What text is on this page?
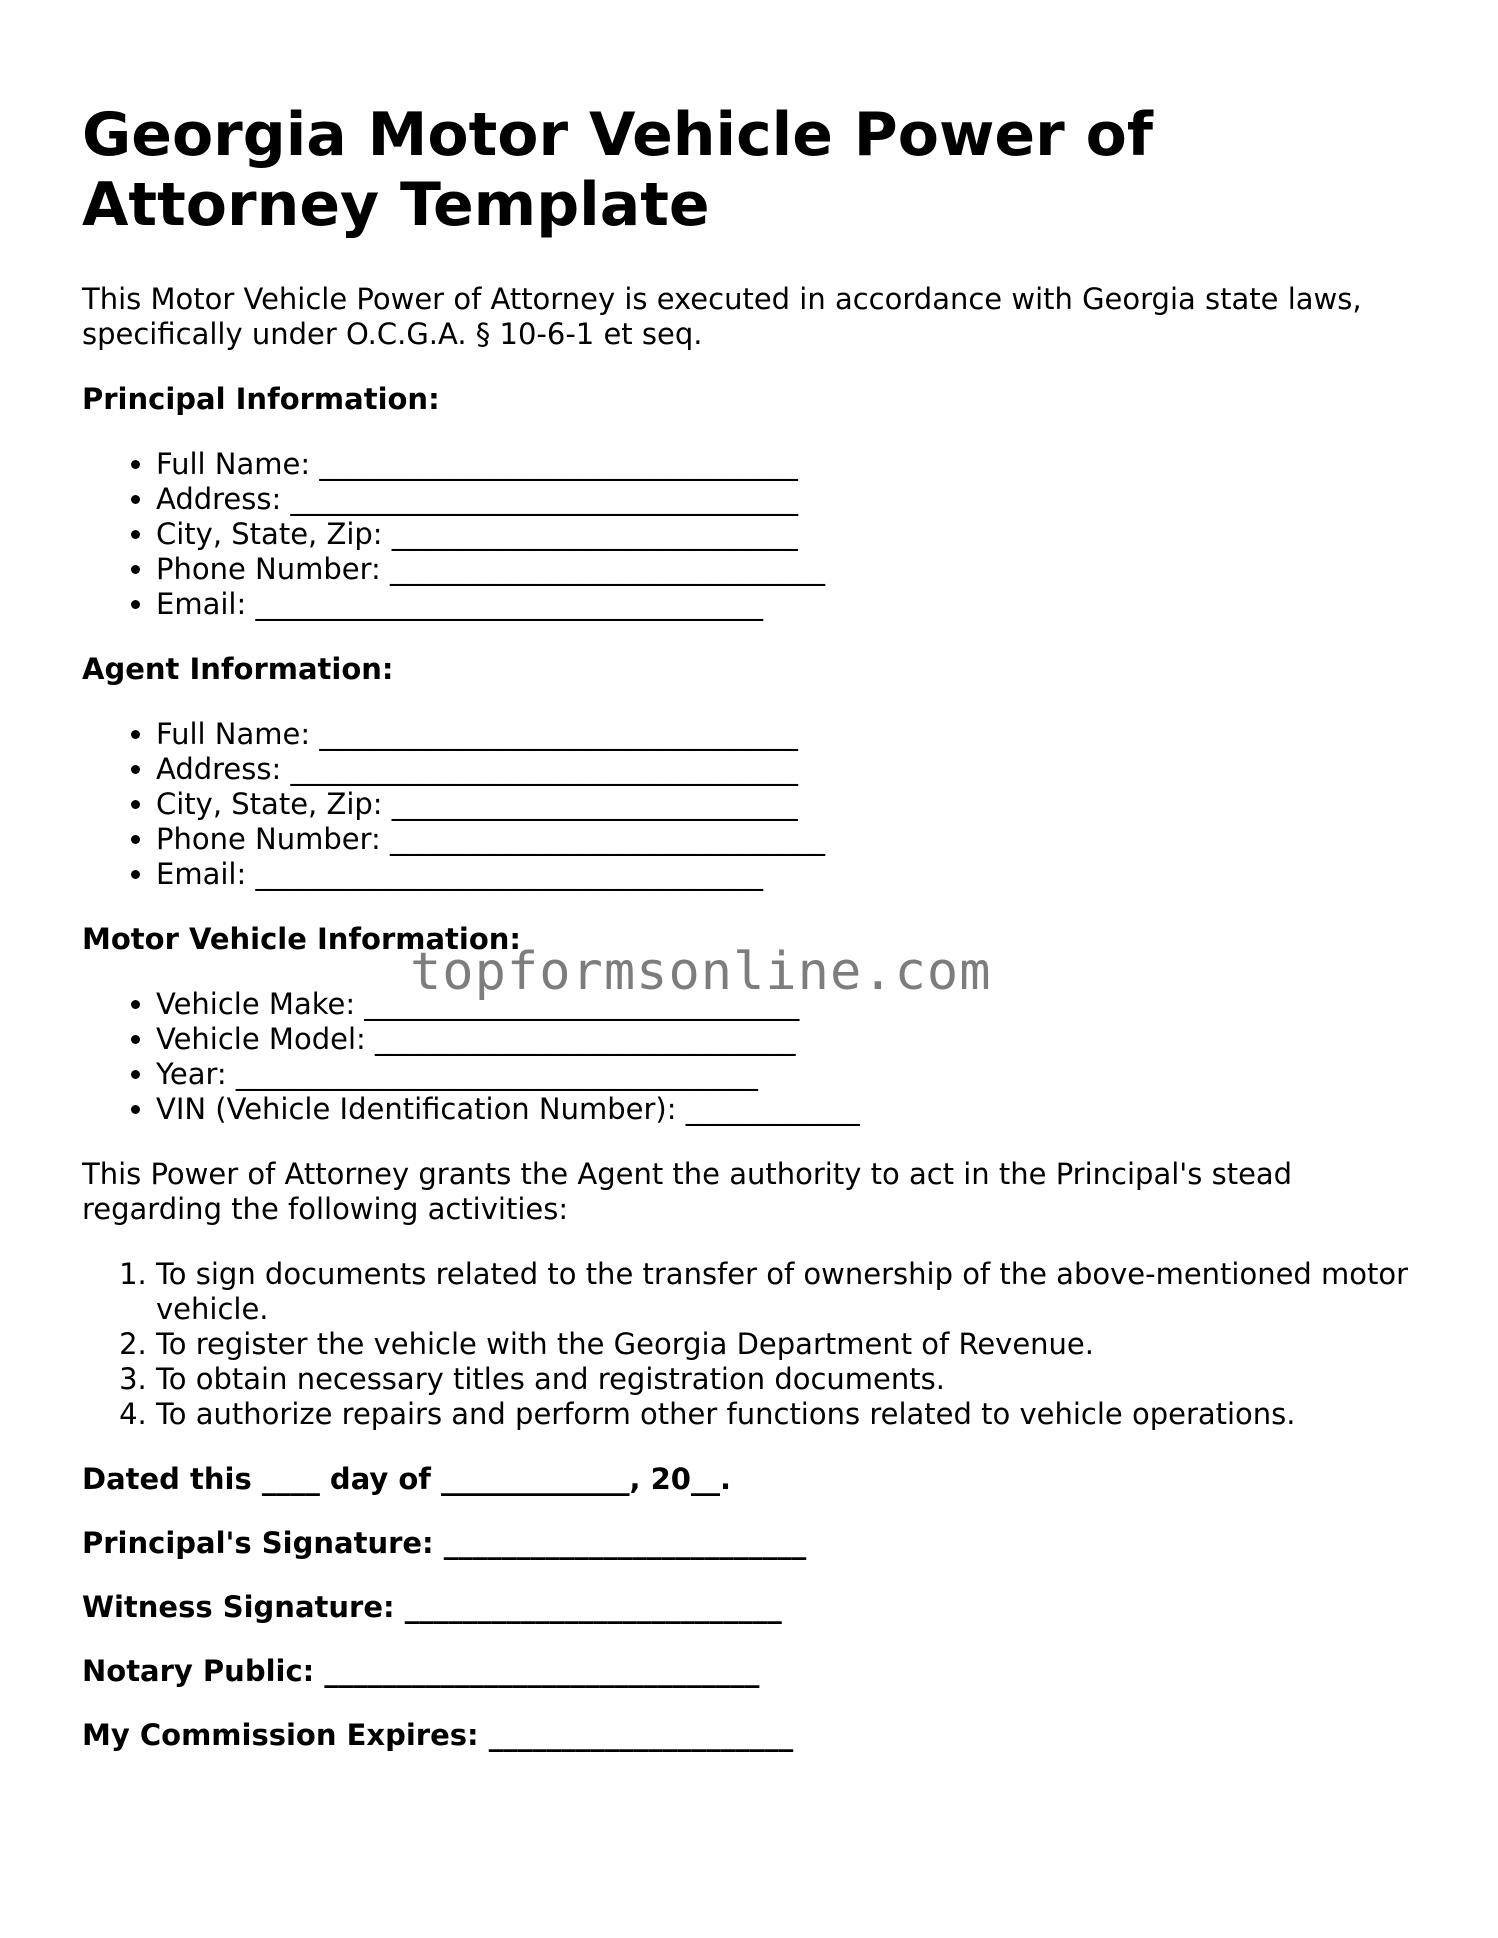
Georgia Motor Vehicle Power of Attorney Template

This Motor Vehicle Power of Attorney is executed in accordance with Georgia state laws, specifically under O.C.G.A. § 10-6-1 et seq.

Principal Information:
• Full Name: _________________________________
• Address: ___________________________________
• City, State, Zip: ____________________________
• Phone Number: ______________________________
• Email: ___________________________________
Agent Information:
• Full Name: _________________________________
• Address: ___________________________________
• City, State, Zip: ____________________________
• Phone Number: ______________________________
• Email: ___________________________________
Motor Vehicle Information:
• Vehicle Make: ______________________________
• Vehicle Model: _____________________________
• Year: ____________________________________
• VIN (Vehicle Identification Number): ____________

This Power of Attorney grants the Agent the authority to act in the Principal's stead regarding the following activities:

1. To sign documents related to the transfer of ownership of the above-mentioned motor vehicle.
2. To register the vehicle with the Georgia Department of Revenue.
3. To obtain necessary titles and registration documents.
4. To authorize repairs and perform other functions related to vehicle operations.
Dated this ____ day of _____________, 20__.
Principal's Signature: _________________________
Witness Signature: __________________________
Notary Public: ______________________________
My Commission Expires: _____________________
topformsonline.com
